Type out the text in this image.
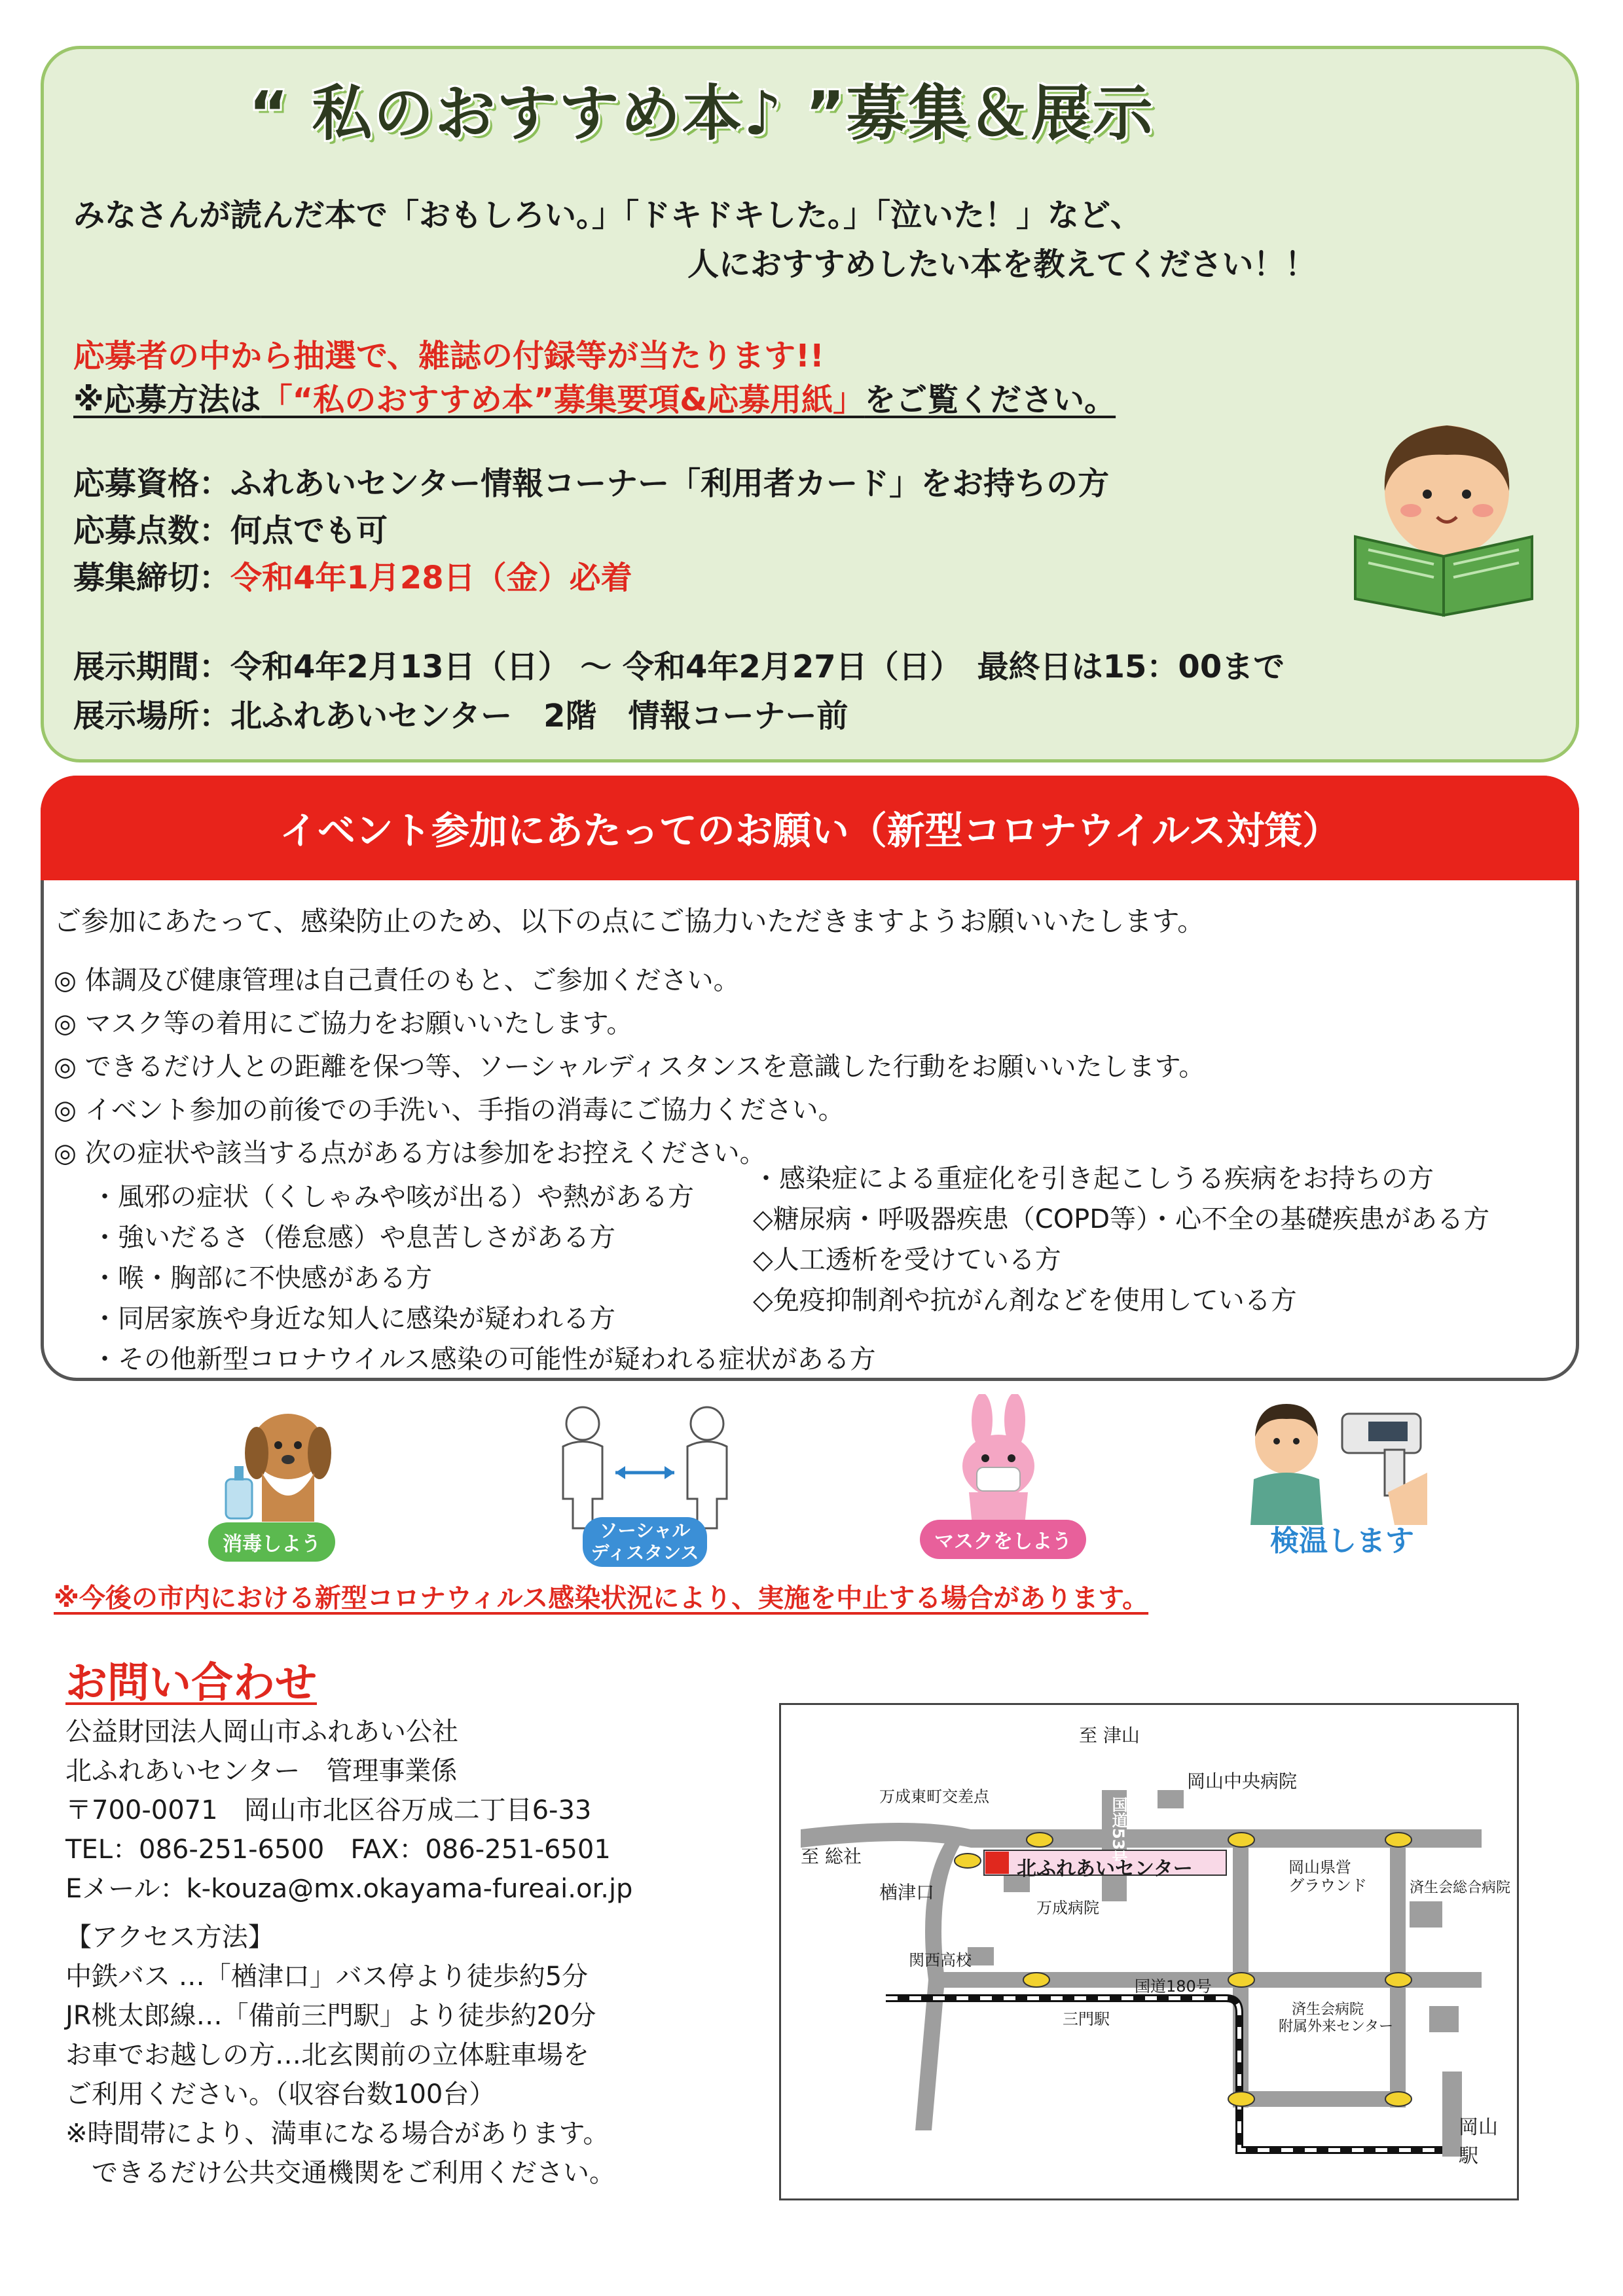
“ 私のおすすめ本♪ ”募集＆展示
みなさんが読んだ本で「おもしろい。」「ドキドキした。」「泣いた！」など、
人におすすめしたい本を教えてください！！
応募者の中から抽選で、雑誌の付録等が当たります!!
※応募方法は「“私のおすすめ本”募集要項&応募用紙」をご覧ください。
応募資格：ふれあいセンター情報コーナー「利用者カード」をお持ちの方
応募点数：何点でも可
募集締切：令和4年1月28日（金）必着
展示期間：令和4年2月13日（日） ～ 令和4年2月27日（日）　最終日は15：00まで
展示場所：北ふれあいセンター　2階　情報コーナー前
イベント参加にあたってのお願い（新型コロナウイルス対策）
ご参加にあたって、感染防止のため、以下の点にご協力いただきますようお願いいたします。
◎ 体調及び健康管理は自己責任のもと、ご参加ください。
◎ マスク等の着用にご協力をお願いいたします。
◎ できるだけ人との距離を保つ等、ソーシャルディスタンスを意識した行動をお願いいたします。
◎ イベント参加の前後での手洗い、手指の消毒にご協力ください。
◎ 次の症状や該当する点がある方は参加をお控えください。
・風邪の症状（くしゃみや咳が出る）や熱がある方
・強いだるさ（倦怠感）や息苦しさがある方
・喉・胸部に不快感がある方
・同居家族や身近な知人に感染が疑われる方
・その他新型コロナウイルス感染の可能性が疑われる症状がある方
・感染症による重症化を引き起こしうる疾病をお持ちの方
◇糖尿病・呼吸器疾患（COPD等）・心不全の基礎疾患がある方
◇人工透析を受けている方
◇免疫抑制剤や抗がん剤などを使用している方
消毒しよう
ソーシャル
ディスタンス	マスクをしよう	検温します
※今後の市内における新型コロナウィルス感染状況により、実施を中止する場合があります。
お問い合わせ
公益財団法人岡山市ふれあい公社
北ふれあいセンター　管理事業係
〒700-0071　岡山市北区谷万成二丁目6-33
TEL：086-251-6500　FAX：086-251-6501
Eメール：k-kouza@mx.okayama-fureai.or.jp
【アクセス方法】
中鉄バス …「楢津口」バス停より徒歩約5分
JR桃太郎線…「備前三門駅」より徒歩約20分
お車でお越しの方…北玄関前の立体駐車場を
ご利用ください。（収容台数100台）
※時間帯により、満車になる場合があります。
　できるだけ公共交通機関をご利用ください。
至 津山
国道53号
岡山中央病院
万成東町交差点
至 総社
楢津口
北ふれあいセンター	岡山県営
グラウンド
万成病院
済生会総合病院
関西高校
国道180号
三門駅
済生会病院
附属外来センター
岡山駅
